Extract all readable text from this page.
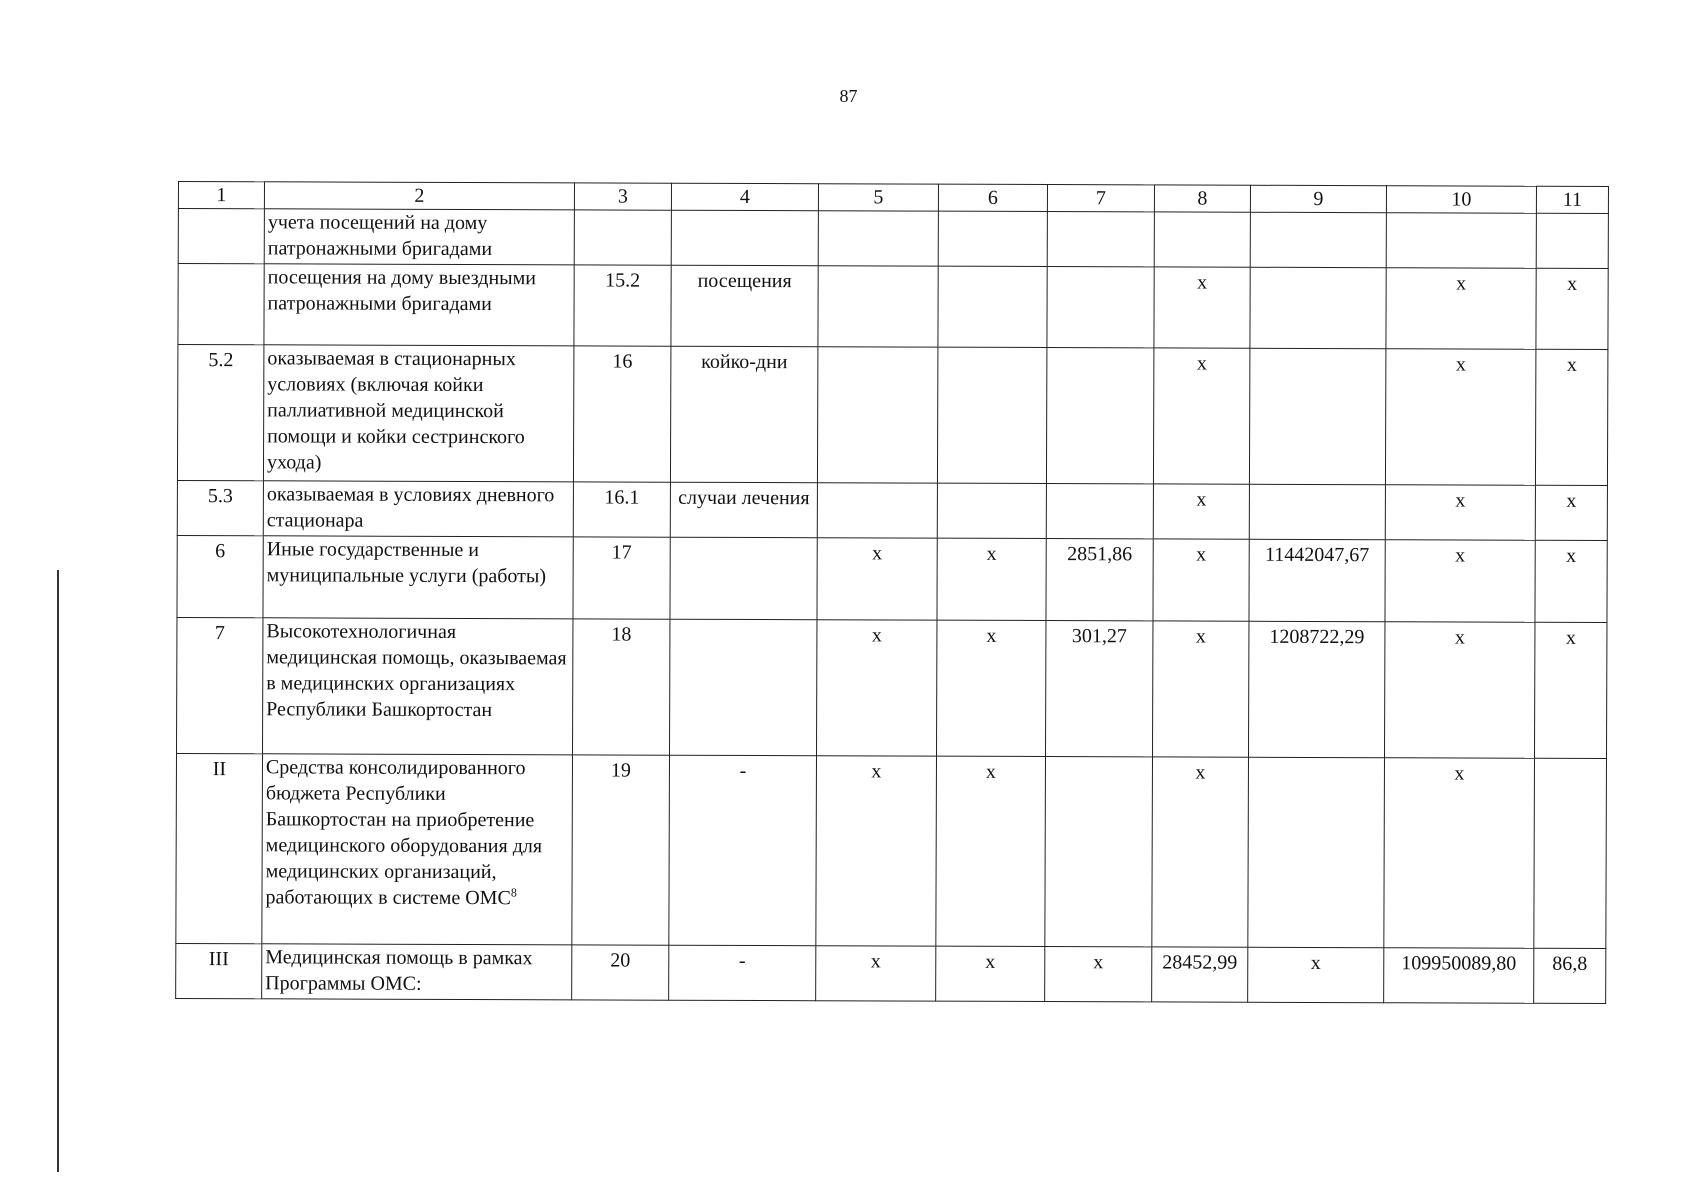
87
1	2	3	4	5	6	7	8	9	10	11
	учета посещений на дому патронажными бригадами									
	посещения на дому выездными патронажными бригадами	15.2	посещения				х		х	х
5.2	оказываемая в стационарных условиях (включая койки паллиативной медицинской помощи и койки сестринского ухода)	16	койко-дни				х		х	х
5.3	оказываемая в условиях дневного стационара	16.1	случаи лечения				х		х	х
6	Иные государственные и муниципальные услуги (работы)	17		х	х	2851,86	х	11442047,67	х	х
7	Высокотехнологичная медицинская помощь, оказываемая в медицинских организациях Республики Башкортостан	18		х	х	301,27	х	1208722,29	х	х
II	Средства консолидированного бюджета Республики Башкортостан на приобретение медицинского оборудования для медицинских организаций, работающих в системе ОМС$^8$	19	-	х	х		х		х	
III	Медицинская помощь в рамках Программы ОМС:	20	-	х	х	х	28452,99	х	109950089,80	86,8
